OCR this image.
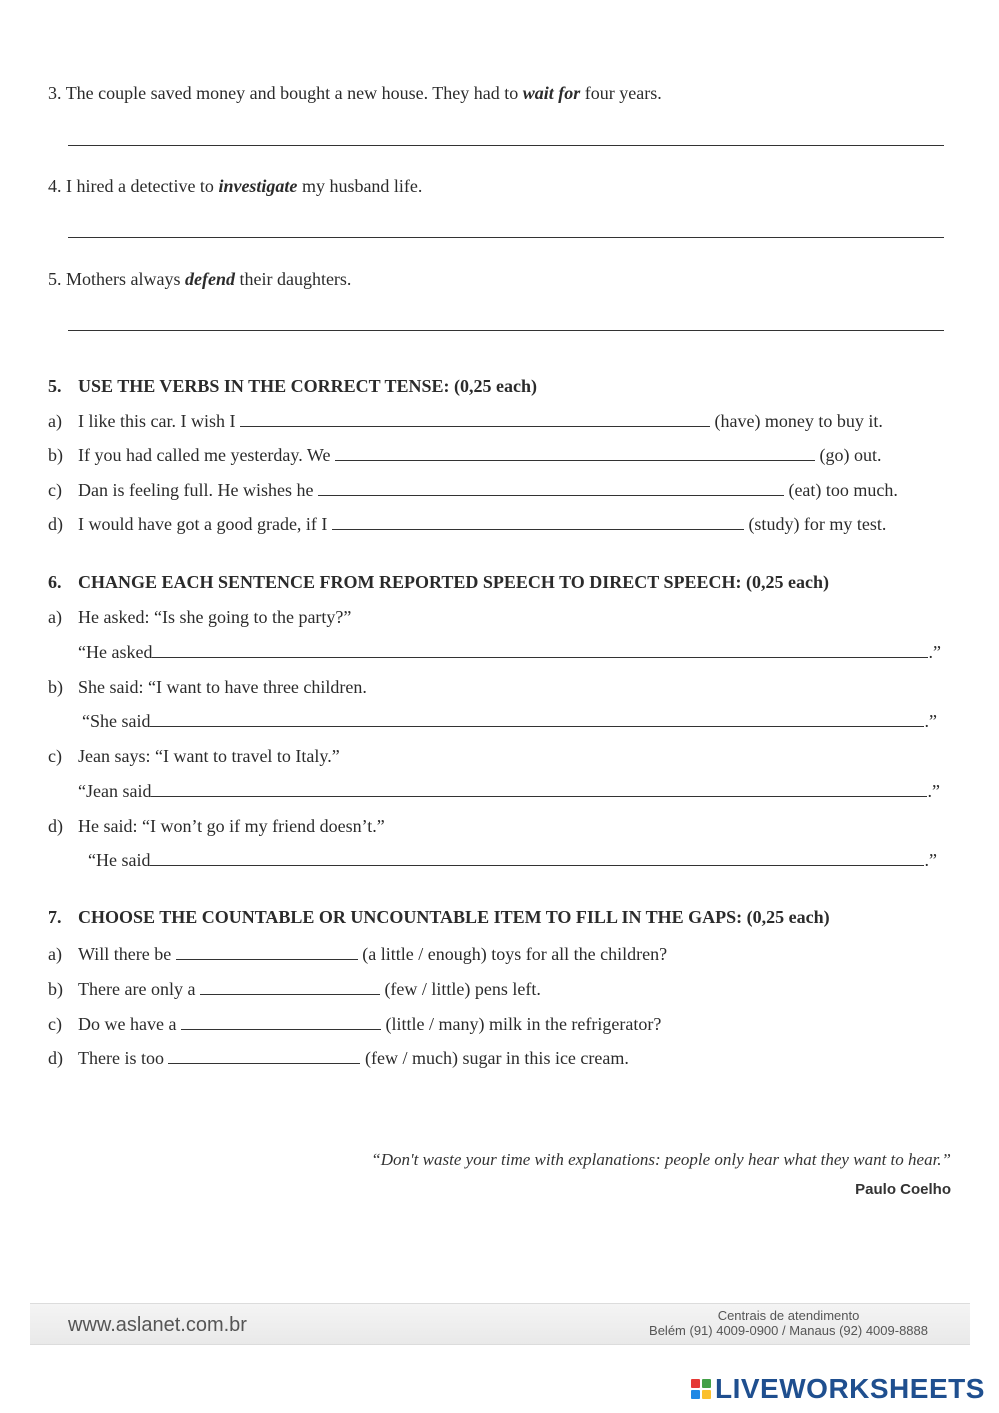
3. The couple saved money and bought a new house. They had to wait for four years.
4. I hired a detective to investigate my husband life.
5. Mothers always defend their daughters.
5. USE THE VERBS IN THE CORRECT TENSE: (0,25 each)
a) I like this car. I wish I	(have) money to buy it.
b) If you had called me yesterday. We	(go) out.
c) Dan is feeling full. He wishes he	(eat) too much.
d) I would have got a good grade, if I	(study) for my test.
6. CHANGE EACH SENTENCE FROM REPORTED SPEECH TO DIRECT SPEECH: (0,25 each)
a) He asked: “Is she going to the party?”
“He asked	.”
b) She said: “I want to have three children.
“She said	.”
c) Jean says: “I want to travel to Italy.”
“Jean said	.”
d) He said: “I won’t go if my friend doesn’t.”
“He said	.”
7. CHOOSE THE COUNTABLE OR UNCOUNTABLE ITEM TO FILL IN THE GAPS: (0,25 each)
a) Will there be	(a little / enough) toys for all the children?
b) There are only a	(few / little) pens left.
c) Do we have a	(little / many) milk in the refrigerator?
d) There is too	(few / much) sugar in this ice cream.
“Don't waste your time with explanations: people only hear what they want to hear.”
Paulo Coelho
www.aslanet.com.br	Centrais de atendimento
Belém (91) 4009-0900 / Manaus (92) 4009-8888
LIVEWORKSHEETS
